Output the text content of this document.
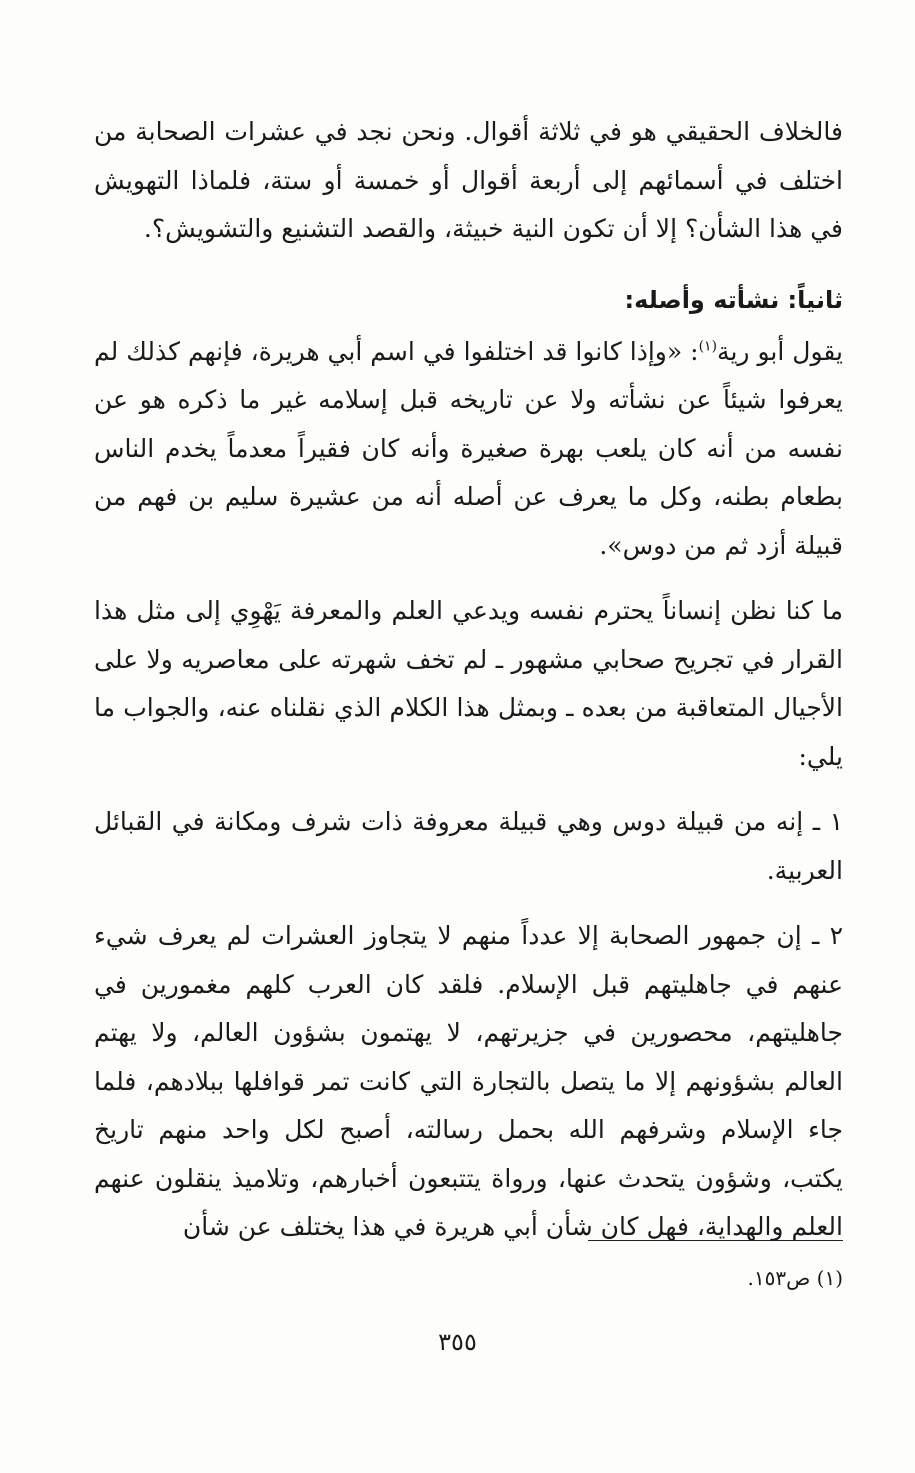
فالخلاف الحقيقي هو في ثلاثة أقوال. ونحن نجد في عشرات الصحابة من اختلف في أسمائهم إلى أربعة أقوال أو خمسة أو ستة، فلماذا التهويش في هذا الشأن؟ إلا أن تكون النية خبيثة، والقصد التشنيع والتشويش؟.

ثانياً: نشأته وأصله:

يقول أبو رية$^{(١)}$: «وإذا كانوا قد اختلفوا في اسم أبي هريرة، فإنهم كذلك لم يعرفوا شيئاً عن نشأته ولا عن تاريخه قبل إسلامه غير ما ذكره هو عن نفسه من أنه كان يلعب بهرة صغيرة وأنه كان فقيراً معدماً يخدم الناس بطعام بطنه، وكل ما يعرف عن أصله أنه من عشيرة سليم بن فهم من قبيلة أزد ثم من دوس».

ما كنا نظن إنساناً يحترم نفسه ويدعي العلم والمعرفة يَهْوِي إلى مثل هذا القرار في تجريح صحابي مشهور ـ لم تخف شهرته على معاصريه ولا على الأجيال المتعاقبة من بعده ـ وبمثل هذا الكلام الذي نقلناه عنه، والجواب ما يلي:

١ ـ إنه من قبيلة دوس وهي قبيلة معروفة ذات شرف ومكانة في القبائل العربية.

٢ ـ إن جمهور الصحابة إلا عدداً منهم لا يتجاوز العشرات لم يعرف شيء عنهم في جاهليتهم قبل الإسلام. فلقد كان العرب كلهم مغمورين في جاهليتهم، محصورين في جزيرتهم، لا يهتمون بشؤون العالم، ولا يهتم العالم بشؤونهم إلا ما يتصل بالتجارة التي كانت تمر قوافلها ببلادهم، فلما جاء الإسلام وشرفهم الله بحمل رسالته، أصبح لكل واحد منهم تاريخ يكتب، وشؤون يتحدث عنها، ورواة يتتبعون أخبارهم، وتلاميذ ينقلون عنهم العلم والهداية، فهل كان شأن أبي هريرة في هذا يختلف عن شأن

(١) ص١٥٣.

٣٥٥
